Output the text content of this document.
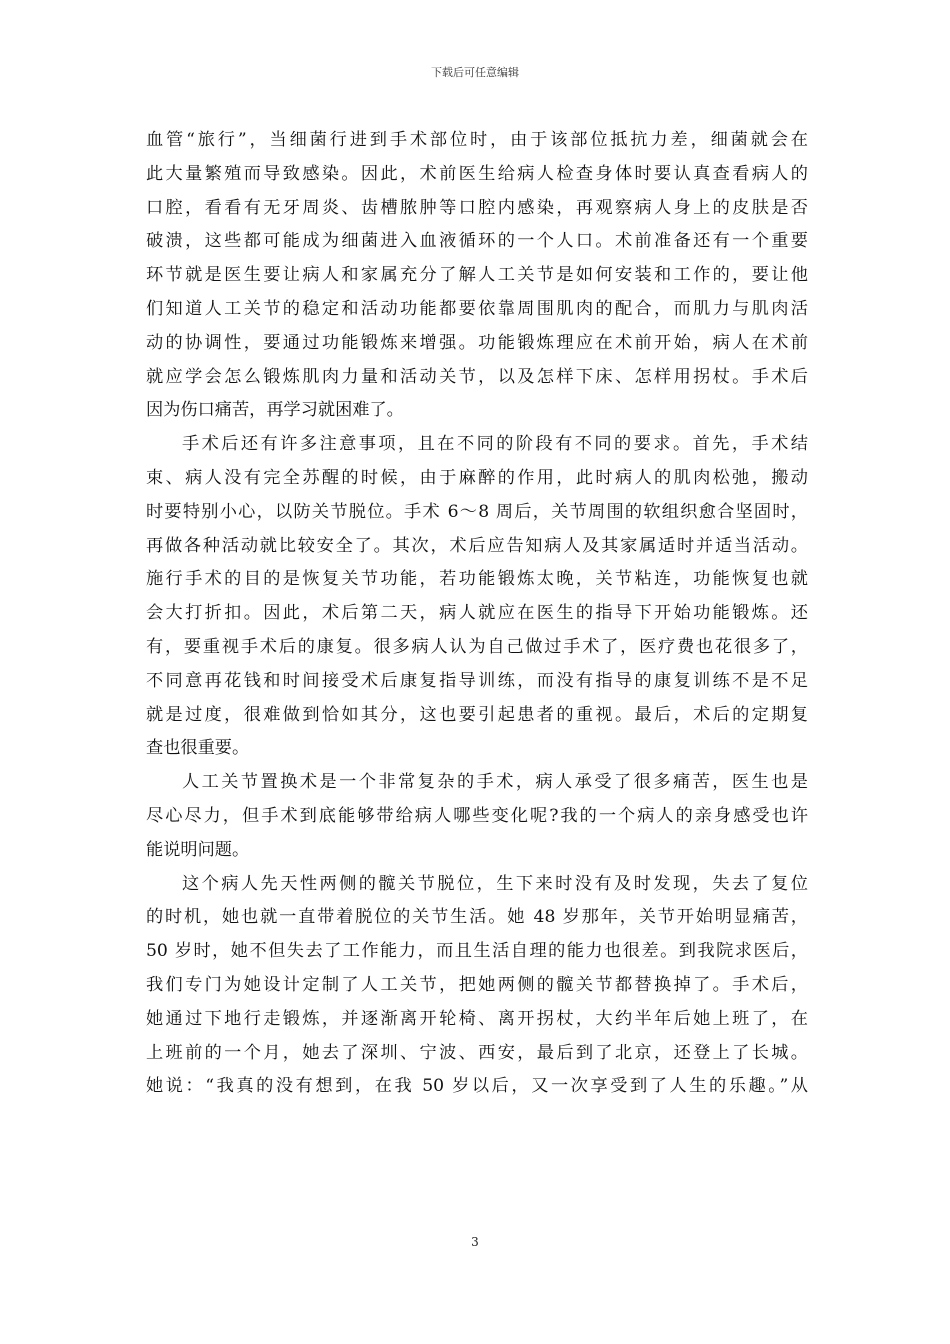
下载后可任意编辑
血管“旅行”，当细菌行进到手术部位时，由于该部位抵抗力差，细菌就会在
此大量繁殖而导致感染。因此，术前医生给病人检查身体时要认真查看病人的
口腔，看看有无牙周炎、齿槽脓肿等口腔内感染，再观察病人身上的皮肤是否
破溃，这些都可能成为细菌进入血液循环的一个人口。术前准备还有一个重要
环节就是医生要让病人和家属充分了解人工关节是如何安装和工作的，要让他
们知道人工关节的稳定和活动功能都要依靠周围肌肉的配合，而肌力与肌肉活
动的协调性，要通过功能锻炼来增强。功能锻炼理应在术前开始，病人在术前
就应学会怎么锻炼肌肉力量和活动关节，以及怎样下床、怎样用拐杖。手术后
因为伤口痛苦，再学习就困难了。
手术后还有许多注意事项，且在不同的阶段有不同的要求。首先，手术结
束、病人没有完全苏醒的时候，由于麻醉的作用，此时病人的肌肉松弛，搬动
时要特别小心，以防关节脱位。手术 6～8 周后，关节周围的软组织愈合坚固时，
再做各种活动就比较安全了。其次，术后应告知病人及其家属适时并适当活动。
施行手术的目的是恢复关节功能，若功能锻炼太晚，关节粘连，功能恢复也就
会大打折扣。因此，术后第二天，病人就应在医生的指导下开始功能锻炼。还
有，要重视手术后的康复。很多病人认为自己做过手术了，医疗费也花很多了，
不同意再花钱和时间接受术后康复指导训练，而没有指导的康复训练不是不足
就是过度，很难做到恰如其分，这也要引起患者的重视。最后，术后的定期复
查也很重要。
人工关节置换术是一个非常复杂的手术，病人承受了很多痛苦，医生也是
尽心尽力，但手术到底能够带给病人哪些变化呢?我的一个病人的亲身感受也许
能说明问题。
这个病人先天性两侧的髋关节脱位，生下来时没有及时发现，失去了复位
的时机，她也就一直带着脱位的关节生活。她 48 岁那年，关节开始明显痛苦，
50 岁时，她不但失去了工作能力，而且生活自理的能力也很差。到我院求医后，
我们专门为她设计定制了人工关节，把她两侧的髋关节都替换掉了。手术后，
她通过下地行走锻炼，并逐渐离开轮椅、离开拐杖，大约半年后她上班了，在
上班前的一个月，她去了深圳、宁波、西安，最后到了北京，还登上了长城。
她说：“我真的没有想到，在我 50 岁以后，又一次享受到了人生的乐趣。”从
3
